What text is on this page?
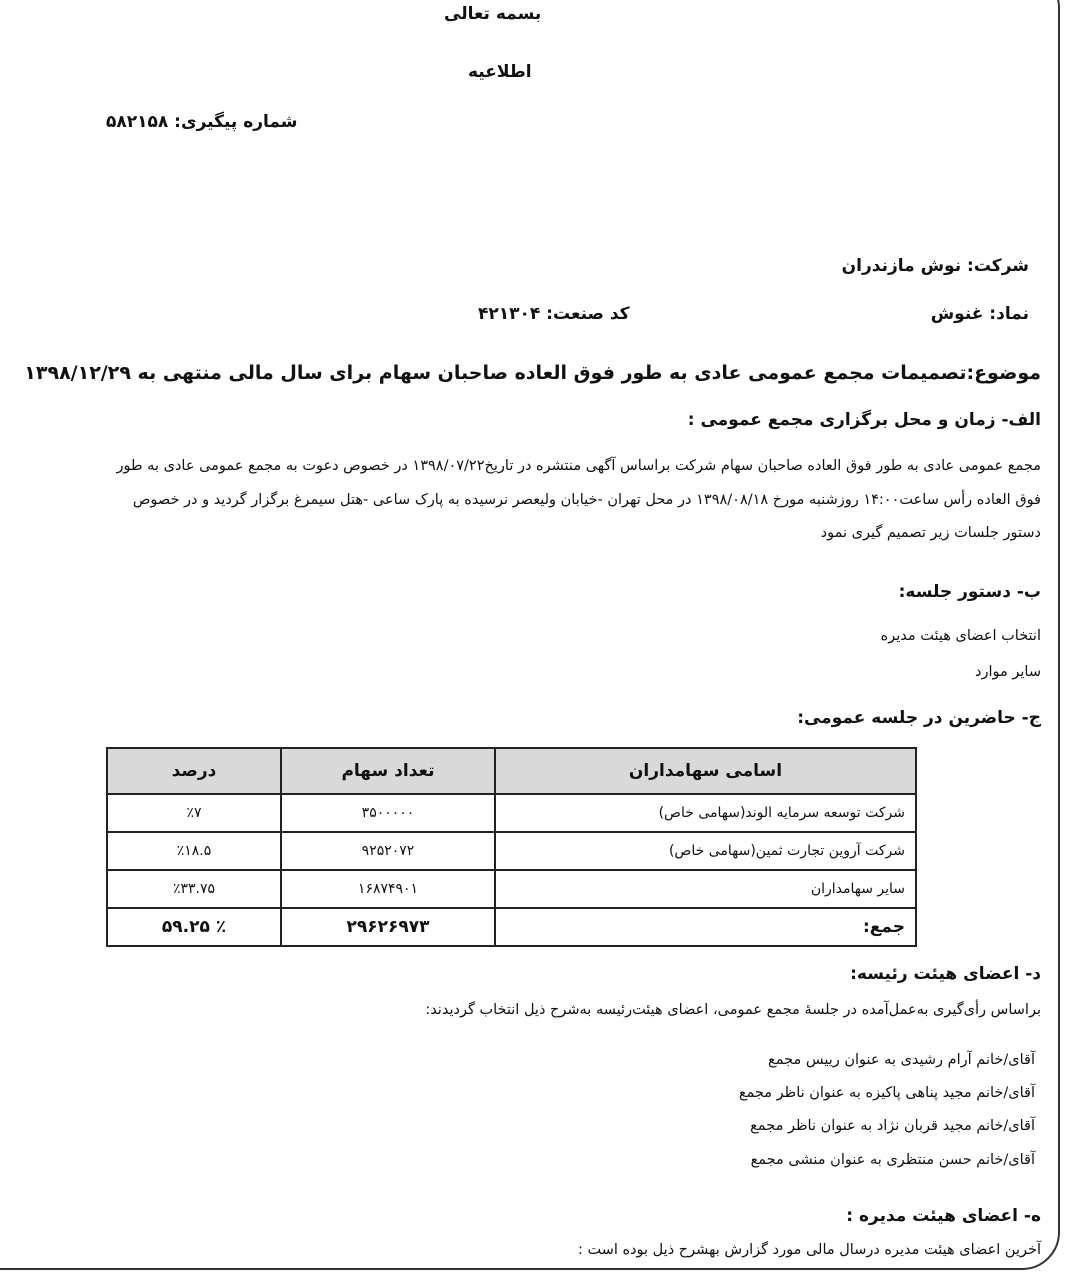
بسمه تعالی
اطلاعیه
شماره پیگیری: ۵۸۲۱۵۸
شرکت: نوش مازندران
نماد: غنوش
کد صنعت: ۴۲۱۳۰۴
موضوع:تصمیمات مجمع عمومی عادی به طور فوق العاده صاحبان سهام برای سال مالی منتهی به ۱۳۹۸/۱۲/۲۹
الف- زمان و محل برگزاری مجمع عمومی :
مجمع عمومی عادی به طور فوق العاده صاحبان سهام شرکت براساس آگهی منتشره در تاریخ۱۳۹۸/۰۷/۲۲ در خصوص دعوت به مجمع عمومی عادی به طور
فوق العاده رأس ساعت۱۴:۰۰ روزشنبه مورخ ۱۳۹۸/۰۸/۱۸ در محل تهران -خیابان ولیعصر نرسیده به پارک ساعی -هتل سیمرغ برگزار گردید و در خصوص
دستور جلسات زیر تصمیم گیری نمود
ب- دستور جلسه:
انتخاب اعضای هیئت مدیره
سایر موارد
ج- حاضرین در جلسه عمومی:
اسامی سهامداران	تعداد سهام	درصد
شرکت توسعه سرمایه الوند(سهامی خاص)	۳۵۰۰۰۰۰	٪۷
شرکت آروین تجارت ثمین(سهامی خاص)	۹۲۵۲۰۷۲	٪۱۸.۵
سایر سهامداران	۱۶۸۷۴۹۰۱	٪۳۳.۷۵
جمع:	۲۹۶۲۶۹۷۳	٪ ۵۹.۲۵
د- اعضای هیئت رئیسه:
براساس رأی‌گیری به‌عمل‌آمده در جلسهٔ مجمع عمومی، اعضای هیئت‌رئیسه به‌شرح ذیل انتخاب گردیدند:
آقای/خانم آرام رشیدی به عنوان رییس مجمع
آقای/خانم مجید پناهی پاکیزه به عنوان ناظر مجمع
آقای/خانم مجید قربان نژاد به عنوان ناظر مجمع
آقای/خانم حسن منتظری به عنوان منشی مجمع
ه- اعضای هیئت مدیره :
آخرین اعضای هیئت مدیره درسال مالی مورد گزارش بهشرح ذیل بوده است :
